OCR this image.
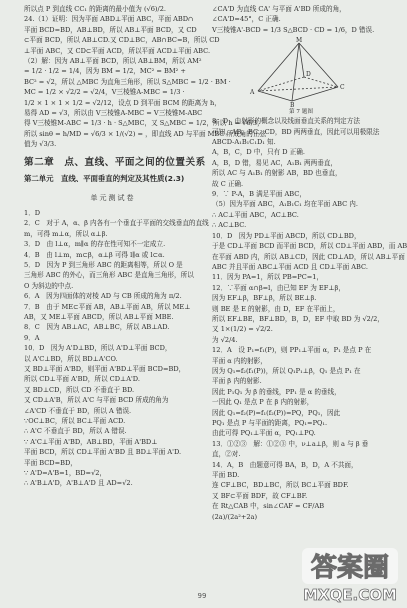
所以点 P 到直线 CC₁ 的距离的最小值为 (√6)/2.
24.（1）证明：因为平面 ABD⊥平面 ABC，平面 ABD∩
平面 BCD=BD，AB⊥BD，所以 AB⊥平面 BCD，又 CD
⊂平面 BCD，所以 AB⊥CD.又 CD⊥BC，AB∩BC=B，所以 CD
⊥平面 ABC，又 CD⊂平面 ACD，所以平面 ACD⊥平面 ABC.
（2）解：因为 AB⊥平面 BCD，所以 AB⊥BM，所以 AM²
= 1/2 · 1/2 = 1/4，因为 BM = 1/2，MC² = BM² +
BC² = √2，所以 △MBC 为直角三角形，所以 S△MBC = 1/2 · BM ·
MC = 1/2 × √2/2 = √2/4，V三棱锥A-MBC = 1/3 ·
1/2 × 1 × 1 × 1/2 = √2/12，设点 D 到平面 BCM 的距离为 h，
易得 AD = √3，所以由 V三棱锥A-MBC = V三棱锥M-ABC
得 V三棱锥M-ABC = 1/3 · h · S△MBC，又 S△MBC = 1/2，所以 h = √6/3，
所以 sinθ = h/MD = √6/3 × 1/(√2) = ，即直线 AD 与平面 MBC 所成角的正弦
值为 √3/3.
第二章　点、直线、平面之间的位置关系
第二单元　直线、平面垂直的判定及其性质(2.3)
单元测试卷
1．D
2．C　对于 A，α、β 内各有一个垂直于平面的交线垂直的直线
m，可得 m⊥α，所以 α⊥β.
3．D　由 l⊥α，m∥α 的存在性可知不一定成立.
4．B　由 l⊥m，m⊂β，α⊥β 可得 l∥α 或 l⊂α.
5．D　因为 P 到三角形 ABC 的距离相等，所以 O 是
三角形 ABC 的外心，而三角形 ABC 是直角三角形，所以
O 为斜边的中点.
6．A　因为四面体的对棱 AD 与 CB 所成的角为 π/2.
7．B　由于 ME⊂平面 AB，AB⊥平面 AB，所以 ME⊥
AB，又 ME⊥平面 ABCD，所以 AB⊥平面 MBE.
8．C　因为 AB⊥AC，AB⊥BC，所以 AB⊥AD.
9．A
10．D　因为 A'D⊥BD，所以 A'D⊥平面 BCD，
以 A'C⊥BD，所以 BD⊥A'CO.
又 BD⊥平面 A'BD，则平面 A'BD⊥平面 BCD=BD，
所以 CD⊥平面 A'BD，所以 CD⊥A'D.
又 BD⊥CD，所以 CD 不垂直于 BD.
又 CD⊥A'B，所以 A'C 与平面 BCD 所成的角为
∠A'CD 不垂直于 BD，所以 A 错误.
∵OC⊥BC，所以 BC⊥平面 ACD.
∴ A'C 不垂直于 BD，所以 A 错误.
∵ A'C⊥平面 A'BD，AB⊥BD，平面 A'BD⊥
平面 BCD，所以 CD⊥平面 A'BD 且 BD⊥平面 A'D.
平面 BCD=BD，
∵ A'D=A'B=1，BD=√2，
∴ A'B⊥A'D，A'B⊥A'D 且 AD=√2.
∠CA'D 为直线 CA' 与平面 A'BD 所成的角，
∠CA'D=45°，C 正确.
V三棱锥A'-BCD = 1/3 S△BCD · CD = 1/6，D 错误.
M
A
C
B
D
第 7 题图
8．D　由射影的概念以及线面垂直关系的判定方法
可知，AB，BC，CD，BD 两两垂直，因此可以用极限法
ABCD-A₁B₁C₁D₁ 知.
A，B，C，D 中，只有 D 正确.
A，B，D 错，易见 AC，A₁B₁ 两两垂直，
所以 AC 与 A₁B₁ 的射影 AB，BD 也垂直，
故 C 正确.
9．∵ P-A，B 满足平面 ABC，
（5）因为平面 ABC，A₁B₁C₁ 均在平面 ABC 内.
∴ AC⊥平面 ABC，AC⊥BC.
∴ AC⊥BC.
10．D　因为 PD⊥平面 ABCD，所以 CD⊥BD，
于是 CD⊥平面 BCD 而平面 BCD，所以 CD⊥平面 ABD，而 AB
在平面 ABD 内，所以 AB⊥CD，因此 CD⊥AD，所以 AB⊥平面
ABC 并且平面 ABC⊥平面 ACD 且 CD⊥平面 ABC.
11．因为 PA=1，所以 PB=PC=1，
12．∵平面 α∩β=l，由已知 EF 为 EF⊥β，
因为 EF⊥β，BF⊥β，所以 BE⊥β.
则 BE 是 E 的射影，由 D，EF 在平面上，
所以 EF⊥BE，BF⊥BD，B，D，EF 中取 BD 为 √2/2，
又 1×(1/2) = √2/2.
为 √2/4.
12．A　设 P₁=f₁(P)，则 PP₁⊥平面 α，P₁ 是点 P 在
平面 α 内的射影，
因为 Q₁=f₂(f₁(P))，所以 Q₁P₁⊥β，Q₁ 是点 P₁ 在
平面 β 内的射影.
因此 P₁Q₁ 为 β 的垂线，PP₁ 是 α 的垂线，
一因此 Q₁ 是点 P 在 β 内的射影，
因此 Q₁=f₂(P)=f₁(f₂(P))=PQ，PQ₁，因此
PQ₁ 是点 P 与平面的距离，PQ₁=PQ₁.
由此可得 PQ₁⊥平面 α，PQ₁⊥PQ.
13．①②③　解：①②③ 中，ν⊥a⊥β，则 a 与 β 垂
直，②对.
14．A，B　由题意可得 BA，B，D，A 不共面，
平面 BD.
连 CF⊥BC，BD⊥BC，所以 BC⊥平面 BDF.
又 BF⊂平面 BDF，故 CF⊥BF.
在 Rt△CAB 中，sin∠CAF = CF/AB
(2a)/(2a²+2a)
99
答案圈
MXQE.COM
